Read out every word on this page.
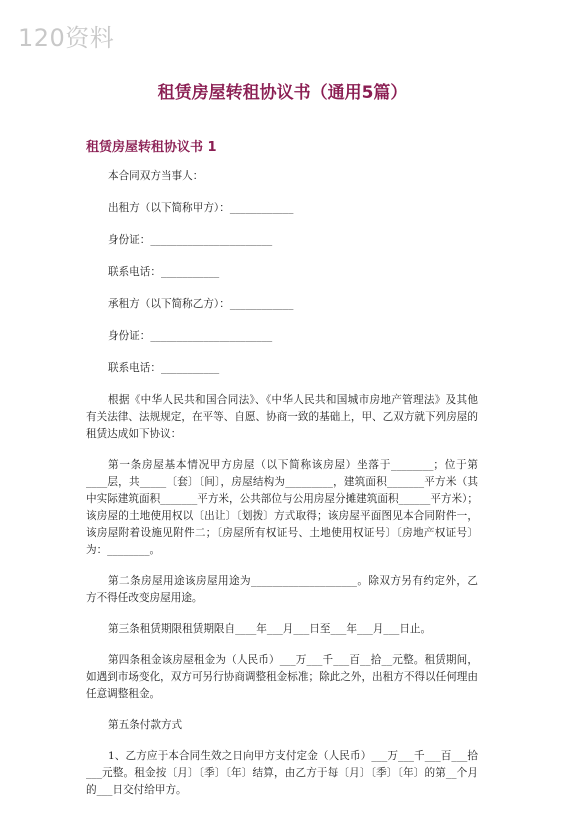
120资料
租赁房屋转租协议书（通用5篇）
租赁房屋转租协议书 1

本合同双方当事人：

出租方（以下简称甲方）：____________

身份证：_______________________

联系电话：___________

承租方（以下简称乙方）：____________

身份证：_______________________

联系电话：___________

根据《中华人民共和国合同法》、《中华人民共和国城市房地产管理法》及其他有关法律、法规规定，在平等、自愿、协商一致的基础上，甲、乙双方就下列房屋的租赁达成如下协议：

第一条房屋基本情况甲方房屋（以下简称该房屋）坐落于________；位于第____层，共_____〔套〕〔间〕，房屋结构为_________，建筑面积_______平方米（其中实际建筑面积_______平方米，公共部位与公用房屋分摊建筑面积______平方米）；该房屋的土地使用权以〔出让〕〔划拨〕方式取得；该房屋平面图见本合同附件一，该房屋附着设施见附件二；〔房屋所有权证号、土地使用权证号〕〔房地产权证号〕为：________。

第二条房屋用途该房屋用途为____________________。除双方另有约定外，乙方不得任改变房屋用途。

第三条租赁期限租赁期限自____年___月___日至___年___月___日止。

第四条租金该房屋租金为（人民币）___万___千___百__拾__元整。租赁期间，如遇到市场变化，双方可另行协商调整租金标准；除此之外，出租方不得以任何理由任意调整租金。

第五条付款方式

1、乙方应于本合同生效之日向甲方支付定金（人民币）___万___千___百___拾___元整。租金按〔月〕〔季〕〔年〕结算，由乙方于每〔月〕〔季〕〔年〕的第__个月的___日交付给甲方。
